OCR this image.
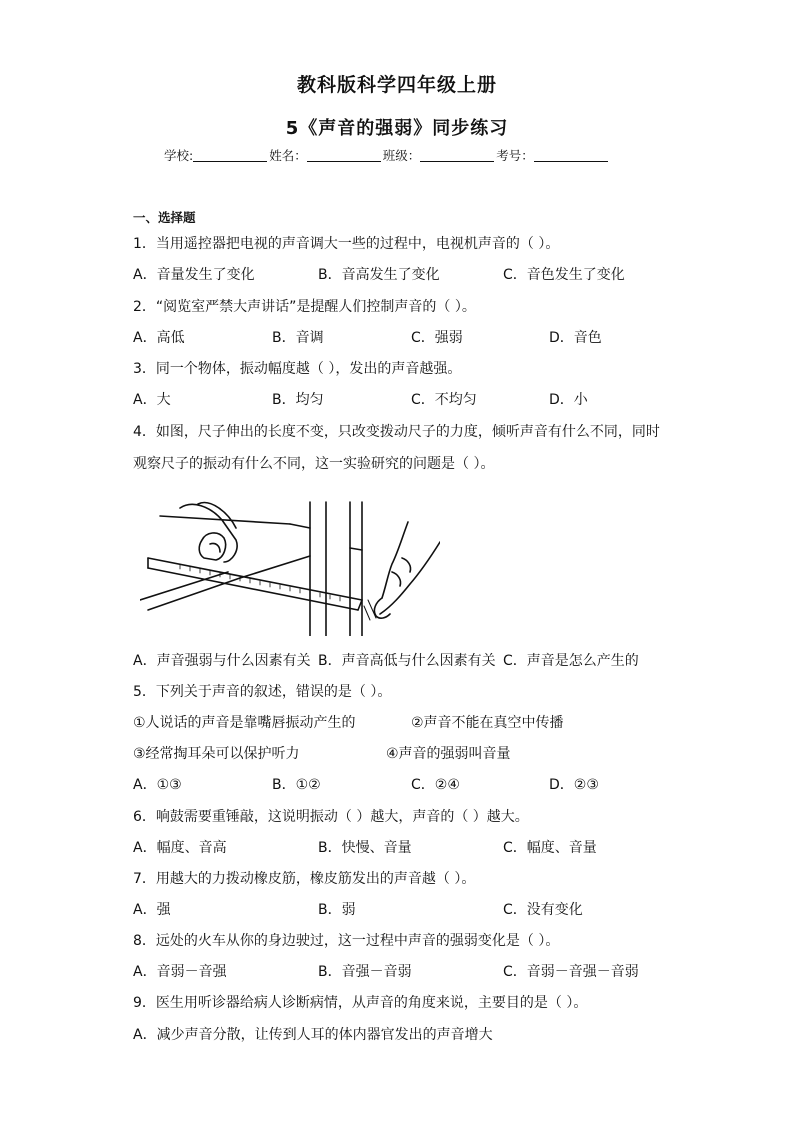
教科版科学四年级上册
5《声音的强弱》同步练习
学校:	姓名：	班级：	考号：
一、选择题
1．当用遥控器把电视的声音调大一些的过程中，电视机声音的（ ）。
A．音量发生了变化	B．音高发生了变化	C．音色发生了变化
2．“阅览室严禁大声讲话”是提醒人们控制声音的（ ）。
A．高低	B．音调	C．强弱	D．音色
3．同一个物体，振动幅度越（ ），发出的声音越强。
A．大	B．均匀	C．不均匀	D．小
4．如图，尺子伸出的长度不变，只改变拨动尺子的力度，倾听声音有什么不同，同时
观察尺子的振动有什么不同，这一实验研究的问题是（ ）。
A．声音强弱与什么因素有关 B．声音高低与什么因素有关 C．声音是怎么产生的
5．下列关于声音的叙述，错误的是（ ）。
①人说话的声音是靠嘴唇振动产生的	②声音不能在真空中传播
③经常掏耳朵可以保护听力	④声音的强弱叫音量
A．①③	B．①②	C．②④	D．②③
6．响鼓需要重锤敲，这说明振动（ ）越大，声音的（ ）越大。
A．幅度、音高	B．快慢、音量	C．幅度、音量
7．用越大的力拨动橡皮筋，橡皮筋发出的声音越（ ）。
A．强	B．弱	C．没有变化
8．远处的火车从你的身边驶过，这一过程中声音的强弱变化是（ ）。
A．音弱－音强	B．音强－音弱	C．音弱－音强－音弱
9．医生用听诊器给病人诊断病情，从声音的角度来说，主要目的是（ ）。
A．减少声音分散，让传到人耳的体内器官发出的声音增大
